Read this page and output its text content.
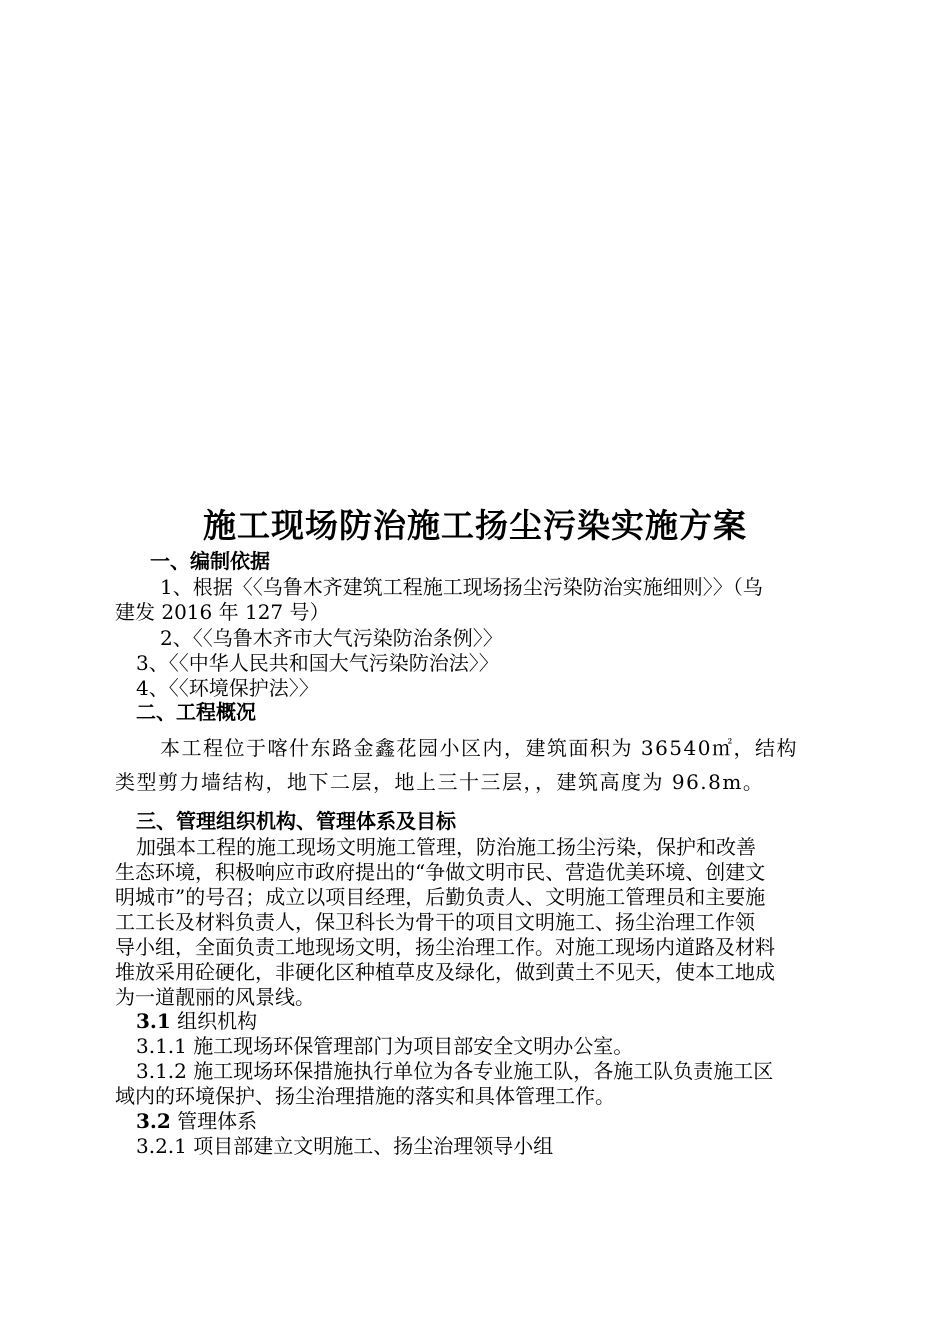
施工现场防治施工扬尘污染实施方案
一、编制依据
1、根据〈〈乌鲁木齐建筑工程施工现场扬尘污染防治实施细则〉〉（乌
建发 2016 年 127 号）
2、〈〈乌鲁木齐市大气污染防治条例〉〉
3、〈〈中华人民共和国大气污染防治法〉〉
4、〈〈环境保护法〉〉
二、工程概况
本工程位于喀什东路金鑫花园小区内，建筑面积为 36540㎡，结构
类型剪力墙结构，地下二层，地上三十三层，，建筑高度为 96.8m。
三、管理组织机构、管理体系及目标
加强本工程的施工现场文明施工管理，防治施工扬尘污染，保护和改善
生态环境，积极响应市政府提出的“争做文明市民、营造优美环境、创建文
明城市”的号召；成立以项目经理，后勤负责人、文明施工管理员和主要施
工工长及材料负责人，保卫科长为骨干的项目文明施工、扬尘治理工作领
导小组，全面负责工地现场文明，扬尘治理工作。对施工现场内道路及材料
堆放采用砼硬化，非硬化区种植草皮及绿化，做到黄土不见天，使本工地成
为一道靓丽的风景线。
3.1 组织机构
3.1.1 施工现场环保管理部门为项目部安全文明办公室。
3.1.2 施工现场环保措施执行单位为各专业施工队，各施工队负责施工区
域内的环境保护、扬尘治理措施的落实和具体管理工作。
3.2 管理体系
3.2.1 项目部建立文明施工、扬尘治理领导小组
